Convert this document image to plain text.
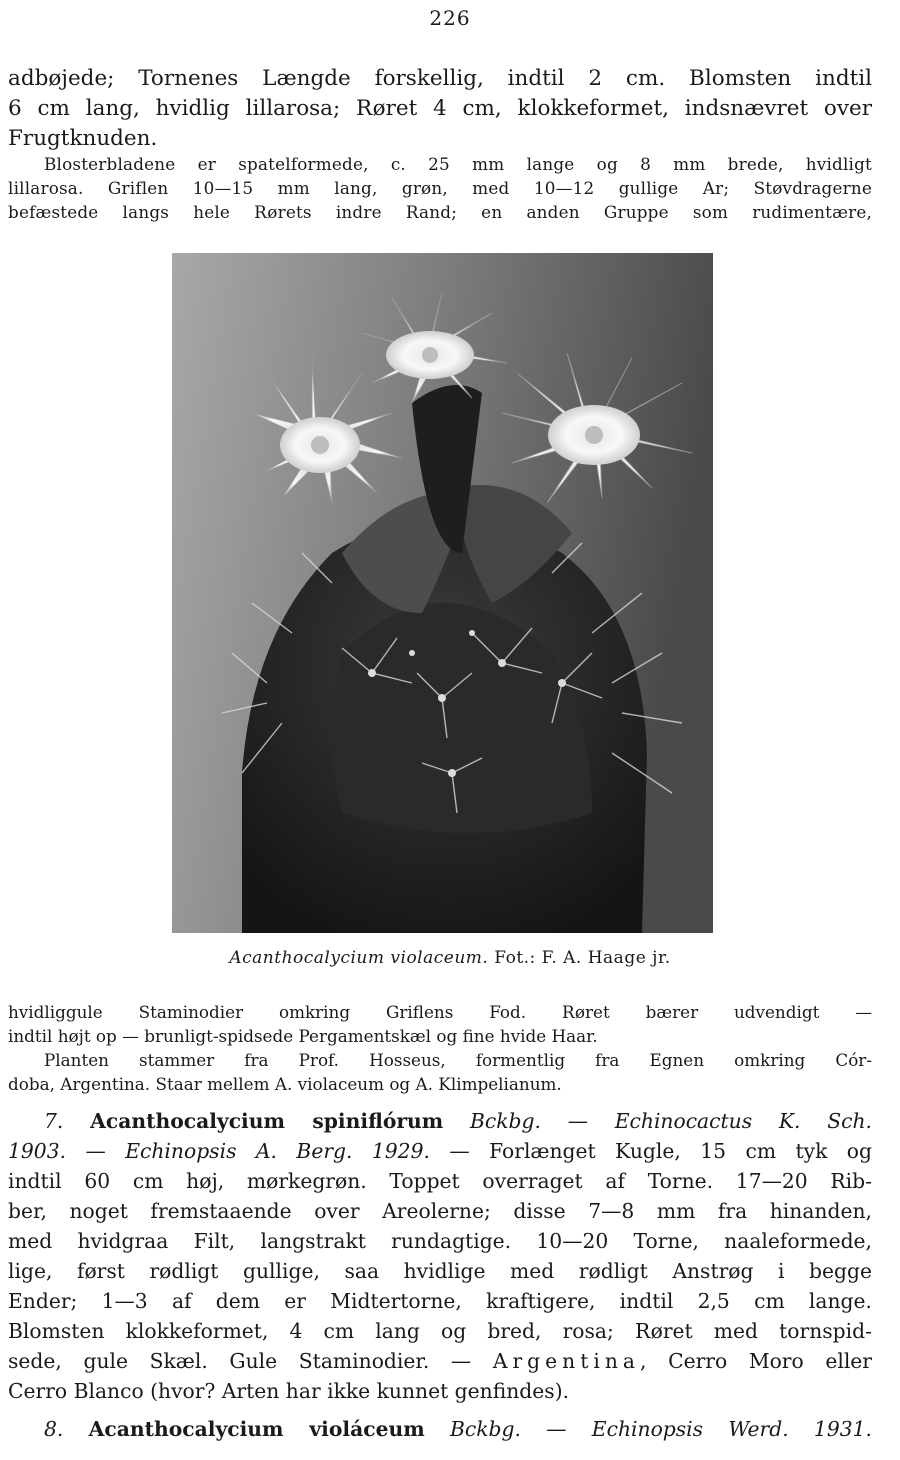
226
adbøjede; Tornenes Længde forskellig, indtil 2 cm. Blomsten indtil
6 cm lang, hvidlig lillarosa; Røret 4 cm, klokkeformet, indsnævret over
Frugtknuden.
Blosterbladene er spatelformede, c. 25 mm lange og 8 mm brede, hvidligt
lillarosa. Griflen 10—15 mm lang, grøn, med 10—12 gullige Ar; Støvdragerne
befæstede langs hele Rørets indre Rand; en anden Gruppe som rudimentære,
Acanthocalycium violaceum. Fot.: F. A. Haage jr.
hvidliggule Staminodier omkring Griflens Fod. Røret bærer udvendigt —
indtil højt op — brunligt-spidsede Pergamentskæl og fine hvide Haar.
Planten stammer fra Prof. Hosseus, formentlig fra Egnen omkring Cór-
doba, Argentina. Staar mellem A. violaceum og A. Klimpelianum.
7. Acanthocalycium spiniflórum Bckbg. — Echinocactus K. Sch.
1903. — Echinopsis A. Berg. 1929. — Forlænget Kugle, 15 cm tyk og
indtil 60 cm høj, mørkegrøn. Toppet overraget af Torne. 17—20 Rib-
ber, noget fremstaaende over Areolerne; disse 7—8 mm fra hinanden,
med hvidgraa Filt, langstrakt rundagtige. 10—20 Torne, naaleformede,
lige, først rødligt gullige, saa hvidlige med rødligt Anstrøg i begge
Ender; 1—3 af dem er Midtertorne, kraftigere, indtil 2,5 cm lange.
Blomsten klokkeformet, 4 cm lang og bred, rosa; Røret med tornspid-
sede, gule Skæl. Gule Staminodier. — Argentina, Cerro Moro eller
Cerro Blanco (hvor? Arten har ikke kunnet genfindes).
8. Acanthocalycium violáceum Bckbg. — Echinopsis Werd. 1931.
